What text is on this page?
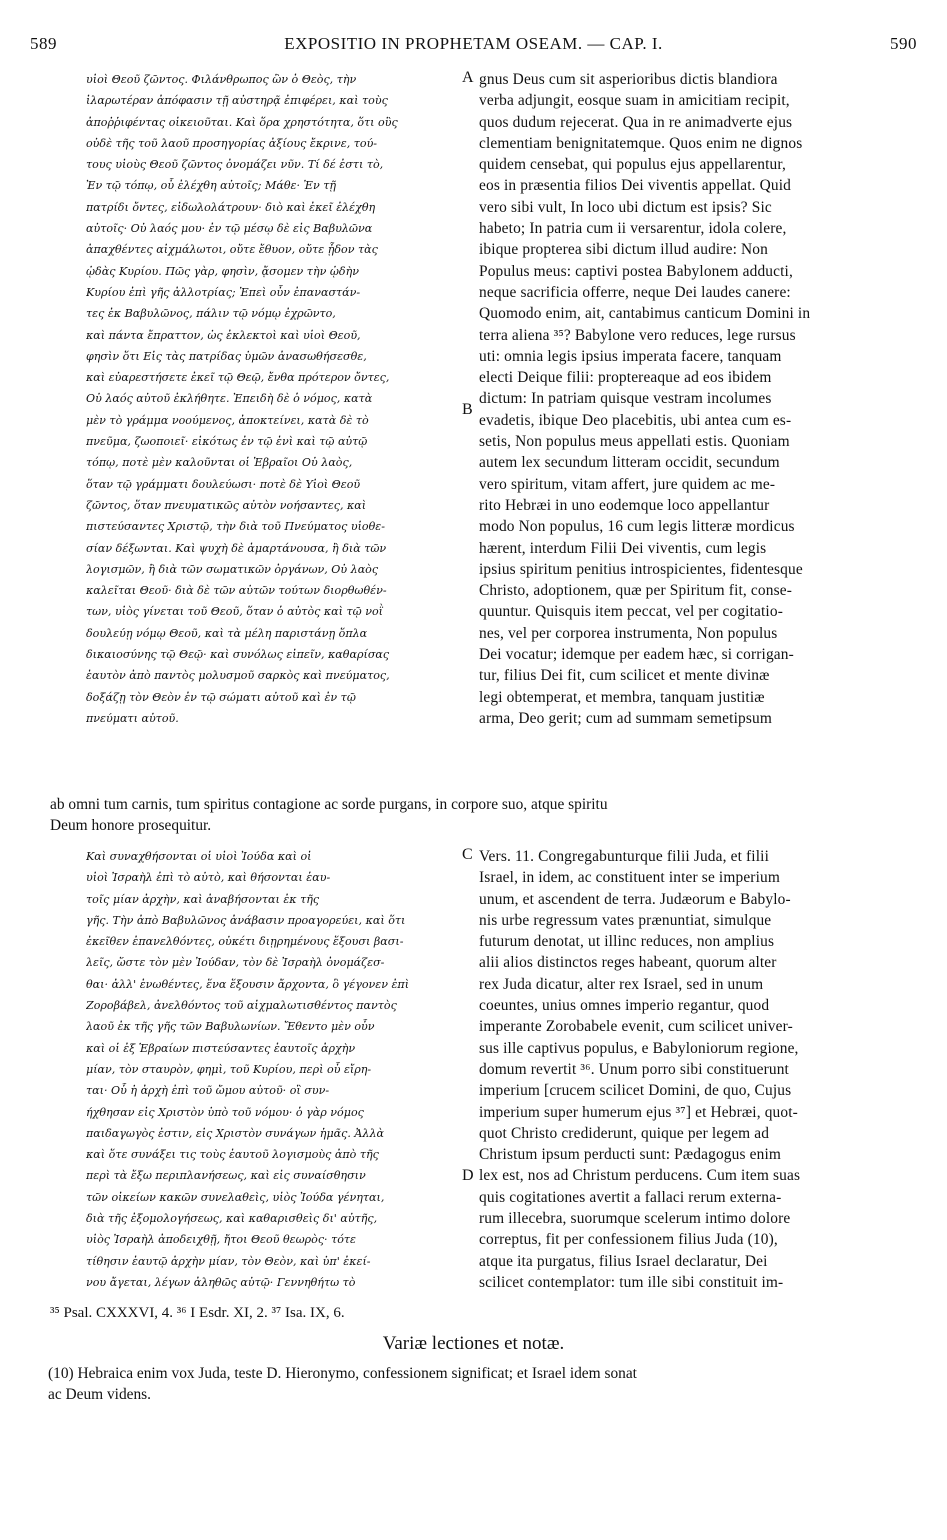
589	EXPOSITIO IN PROPHETAM OSEAM. — CAP. I.	590
υἱοὶ Θεοῦ ζῶντος. Φιλάνθρωπος ὢν ὁ Θεὸς, τὴν
ἱλαρωτέραν ἀπόφασιν τῇ αὐστηρᾷ ἐπιφέρει, καὶ τοὺς
ἀποῤῥιφέντας οἰκειοῦται. Καὶ ὅρα χρηστότητα, ὅτι οὓς
οὐδὲ τῆς τοῦ λαοῦ προσηγορίας ἀξίους ἔκρινε, τού-
τους υἱοὺς Θεοῦ ζῶντος ὀνομάζει νῦν. Τί δέ ἐστι τὸ,
Ἐν τῷ τόπῳ, οὗ ἐλέχθη αὐτοῖς; Μάθε· Ἐν τῇ
πατρίδι ὄντες, εἰδωλολάτρουν· διὸ καὶ ἐκεῖ ἐλέχθη
αὐτοῖς· Οὐ λαός μου· ἐν τῷ μέσῳ δὲ εἰς Βαβυλῶνα
ἀπαχθέντες αἰχμάλωτοι, οὔτε ἔθυον, οὔτε ᾖδον τὰς
ᾠδὰς Κυρίου. Πῶς γὰρ, φησὶν, ᾄσομεν τὴν ᾠδὴν
Κυρίου ἐπὶ γῆς ἀλλοτρίας; Ἐπεὶ οὖν ἐπαναστάν-
τες ἐκ Βαβυλῶνος, πάλιν τῷ νόμῳ ἐχρῶντο,
καὶ πάντα ἔπραττον, ὡς ἐκλεκτοὶ καὶ υἱοὶ Θεοῦ,
φησὶν ὅτι Εἰς τὰς πατρίδας ὑμῶν ἀνασωθήσεσθε,
καὶ εὐαρεστήσετε ἐκεῖ τῷ Θεῷ, ἔνθα πρότερον ὄντες,
Οὐ λαός αὐτοῦ ἐκλήθητε. Ἐπειδὴ δὲ ὁ νόμος, κατὰ
μὲν τὸ γράμμα νοούμενος, ἀποκτείνει, κατὰ δὲ τὸ
πνεῦμα, ζωοποιεῖ· εἰκότως ἐν τῷ ἑνὶ καὶ τῷ αὐτῷ
τόπῳ, ποτὲ μὲν καλοῦνται οἱ Ἑβραῖοι Οὐ λαὸς,
ὅταν τῷ γράμματι δουλεύωσι· ποτὲ δὲ Υἱοὶ Θεοῦ
ζῶντος, ὅταν πνευματικῶς αὐτὸν νοήσαντες, καὶ
πιστεύσαντες Χριστῷ, τὴν διὰ τοῦ Πνεύματος υἱοθε-
σίαν δέξωνται. Καὶ ψυχὴ δὲ ἁμαρτάνουσα, ἢ διὰ τῶν
λογισμῶν, ἢ διὰ τῶν σωματικῶν ὀργάνων, Οὐ λαὸς
καλεῖται Θεοῦ· διὰ δὲ τῶν αὐτῶν τούτων διορθωθέν-
των, υἱὸς γίνεται τοῦ Θεοῦ, ὅταν ὁ αὐτὸς καὶ τῷ νοῒ
δουλεύῃ νόμῳ Θεοῦ, καὶ τὰ μέλη παριστάνῃ ὅπλα
δικαιοσύνης τῷ Θεῷ· καὶ συνόλως εἰπεῖν, καθαρίσας
ἑαυτὸν ἀπὸ παντὸς μολυσμοῦ σαρκὸς καὶ πνεύματος,
δοξάζῃ τὸν Θεὸν ἐν τῷ σώματι αὐτοῦ καὶ ἐν τῷ
πνεύματι αὐτοῦ.
gnus Deus cum sit asperioribus dictis blandiora
verba adjungit, eosque suam in amicitiam recipit,
quos dudum rejecerat. Qua in re animadverte ejus
clementiam benignitatemque. Quos enim ne dignos
quidem censebat, qui populus ejus appellarentur,
eos in præsentia filios Dei viventis appellat. Quid
vero sibi vult, In loco ubi dictum est ipsis? Sic
habeto; In patria cum ii versarentur, idola colere,
ibique propterea sibi dictum illud audire: Non
Populus meus: captivi postea Babylonem adducti,
neque sacrificia offerre, neque Dei laudes canere:
Quomodo enim, ait, cantabimus canticum Domini in
terra aliena ³⁵? Babylone vero reduces, lege rursus
uti: omnia legis ipsius imperata facere, tanquam
electi Deique filii: proptereaque ad eos ibidem
dictum: In patriam quisque vestram incolumes
evadetis, ibique Deo placebitis, ubi antea cum es-
setis, Non populus meus appellati estis. Quoniam
autem lex secundum litteram occidit, secundum
vero spiritum, vitam affert, jure quidem ac me-
rito Hebræi in uno eodemque loco appellantur
modo Non populus, 16 cum legis litteræ mordicus
hærent, interdum Filii Dei viventis, cum legis
ipsius spiritum penitius introspicientes, fidentesque
Christo, adoptionem, quæ per Spiritum fit, conse-
quuntur. Quisquis item peccat, vel per cogitatio-
nes, vel per corporea instrumenta, Non populus
Dei vocatur; idemque per eadem hæc, si corrigan-
tur, filius Dei fit, cum scilicet et mente divinæ
legi obtemperat, et membra, tanquam justitiæ
arma, Deo gerit; cum ad summam semetipsum
A
B
ab omni tum carnis, tum spiritus contagione ac sorde purgans, in corpore suo, atque spiritu
Deum honore prosequitur.
Καὶ συναχθήσονται οἱ υἱοὶ Ἰούδα καὶ οἱ
υἱοὶ Ἰσραὴλ ἐπὶ τὸ αὐτὸ, καὶ θήσονται ἑαυ-
τοῖς μίαν ἀρχὴν, καὶ ἀναβήσονται ἐκ τῆς
γῆς. Τὴν ἀπὸ Βαβυλῶνος ἀνάβασιν προαγορεύει, καὶ ὅτι
ἐκεῖθεν ἐπανελθόντες, οὐκέτι διῃρημένους ἕξουσι βασι-
λεῖς, ὥστε τὸν μὲν Ἰούδαν, τὸν δὲ Ἰσραὴλ ὀνομάζεσ-
θαι· ἀλλ' ἑνωθέντες, ἕνα ἕξουσιν ἄρχοντα, ὃ γέγονεν ἐπὶ
Ζοροβάβελ, ἀνελθόντος τοῦ αἰχμαλωτισθέντος παντὸς
λαοῦ ἐκ τῆς γῆς τῶν Βαβυλωνίων. Ἔθεντο μὲν οὖν
καὶ οἱ ἐξ Ἑβραίων πιστεύσαντες ἑαυτοῖς ἀρχὴν
μίαν, τὸν σταυρὸν, φημὶ, τοῦ Κυρίου, περὶ οὗ εἴρη-
ται· Οὗ ἡ ἀρχὴ ἐπὶ τοῦ ὤμου αὐτοῦ· οἳ συν-
ήχθησαν εἰς Χριστὸν ὑπὸ τοῦ νόμου· ὁ γὰρ νόμος
παιδαγωγὸς ἐστιν, εἰς Χριστὸν συνάγων ἡμᾶς. Ἀλλὰ
καὶ ὅτε συνάξει τις τοὺς ἑαυτοῦ λογισμοὺς ἀπὸ τῆς
περὶ τὰ ἔξω περιπλανήσεως, καὶ εἰς συναίσθησιν
τῶν οἰκείων κακῶν συνελαθεὶς, υἱὸς Ἰούδα γένηται,
διὰ τῆς ἐξομολογήσεως, καὶ καθαρισθεὶς δι' αὐτῆς,
υἱὸς Ἰσραὴλ ἀποδειχθῇ, ἤτοι Θεοῦ θεωρὸς· τότε
τίθησιν ἑαυτῷ ἀρχὴν μίαν, τὸν Θεὸν, καὶ ὑπ' ἐκεί-
νου ἄγεται, λέγων ἀληθῶς αὐτῷ· Γεννηθήτω τὸ
Vers. 11. Congregabunturque filii Juda, et filii
Israel, in idem, ac constituent inter se imperium
unum, et ascendent de terra. Judæorum e Babylo-
nis urbe regressum vates prænuntiat, simulque
futurum denotat, ut illinc reduces, non amplius
alii alios distinctos reges habeant, quorum alter
rex Juda dicatur, alter rex Israel, sed in unum
coeuntes, unius omnes imperio regantur, quod
imperante Zorobabele evenit, cum scilicet univer-
sus ille captivus populus, e Babyloniorum regione,
domum revertit ³⁶. Unum porro sibi constituerunt
imperium [crucem scilicet Domini, de quo, Cujus
imperium super humerum ejus ³⁷] et Hebræi, quot-
quot Christo crediderunt, quique per legem ad
Christum ipsum perducti sunt: Pædagogus enim
lex est, nos ad Christum perducens. Cum item suas
quis cogitationes avertit a fallaci rerum externa-
rum illecebra, suorumque scelerum intimo dolore
correptus, fit per confessionem filius Juda (10),
atque ita purgatus, filius Israel declaratur, Dei
scilicet contemplator: tum ille sibi constituit im-
C
D
³⁵ Psal. CXXXVI, 4. ³⁶ I Esdr. XI, 2. ³⁷ Isa. IX, 6.
Variæ lectiones et notæ.
(10) Hebraica enim vox Juda, teste D. Hieronymo, confessionem significat; et Israel idem sonat
ac Deum videns.
